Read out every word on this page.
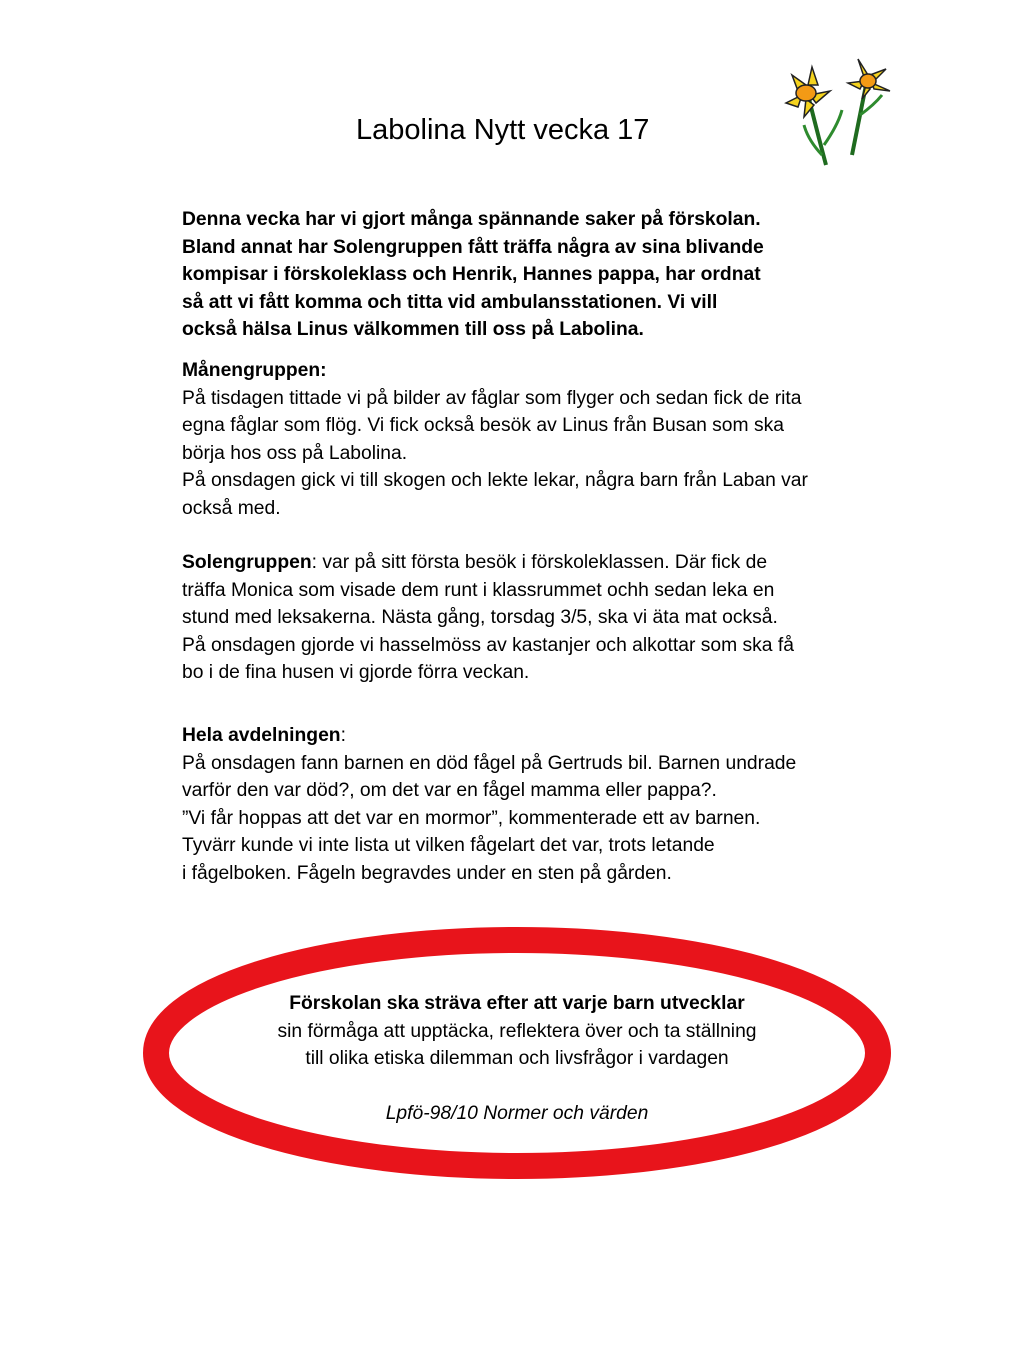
Labolina Nytt vecka 17
Denna vecka har vi gjort många spännande saker på förskolan.
Bland annat har Solengruppen fått träffa några av sina blivande
kompisar i förskoleklass och Henrik, Hannes pappa, har ordnat
så att vi fått komma och titta vid ambulansstationen. Vi vill
också hälsa Linus välkommen till oss på Labolina.
Månengruppen:
På tisdagen tittade vi på bilder av fåglar som flyger och sedan fick de rita
egna fåglar som flög. Vi fick också besök av Linus från Busan som ska
börja hos oss på Labolina.
På onsdagen gick vi till skogen och lekte lekar, några barn från Laban var
också med.
Solengruppen: var på sitt första besök i förskoleklassen. Där fick de
träffa Monica som visade dem runt i klassrummet ochh sedan leka en
stund med leksakerna. Nästa gång, torsdag 3/5, ska vi äta mat också.
På onsdagen gjorde vi hasselmöss av kastanjer och alkottar som ska få
bo i de fina husen vi gjorde förra veckan.
Hela avdelningen:
På onsdagen fann barnen en död fågel på Gertruds bil. Barnen undrade
varför den var död?, om det var en fågel mamma eller pappa?.
”Vi får hoppas att det var en mormor”, kommenterade ett av barnen.
Tyvärr kunde vi inte lista ut vilken fågelart det var, trots letande
i fågelboken. Fågeln begravdes under en sten på gården.
Förskolan ska sträva efter att varje barn utvecklar
sin förmåga att upptäcka, reflektera över och ta ställning
till olika etiska dilemman och livsfrågor i vardagen
Lpfö-98/10 Normer och värden
